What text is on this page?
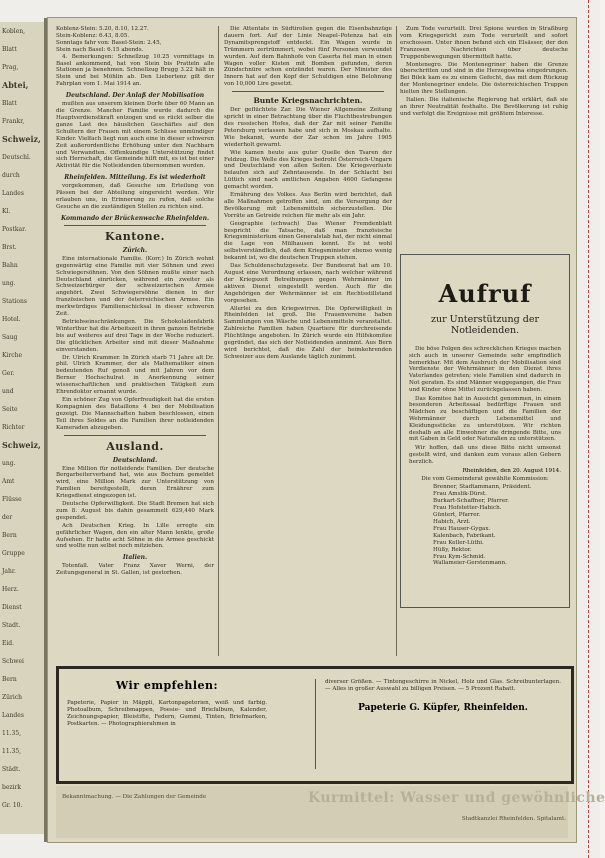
Koblen,
Blatt
Prag,
Abtei,
Blatt
Frankr,
Schweiz,
Deutschl.
durch
Landes
Kl.
Postkar.
Brst.
Bahn
ung.
Stations
Hotel.
Saug
Kirche
Ger.
und
Seite
Richter
Schweiz,
ung.
Amt
Flüsse
der
Bern
Gruppe
Jahr.
Herz.
Dienst
Stadt.
Eid.
Schwei
Bern
Zürich
Landes
11.35,
11.35,
Städt.
bezirk
Gr. 10.
Koblenz-Stein: 5.20, 8.10, 12.27.
Stein-Koblenz: 6.43, 8.05.
Sonntags fahr von: Basel-Stein: 2.45,
Stein nach Basel: 6.15 abends.

4. Bemerkungen: Schnellzug 10.25 vormittags in Basel ankommend, hat von Stein bis Pratteln alle Stationen ja benehmen. Schnellzug Brugg 3.22 hält in Stein und bei Möhlin ab. Den Liebertenz gilt der Fahrplan vom 1. Mai 1914 an.

Deutschland. Der Anlaß der Mobilisation

mußten aus unserem kleinen Dorfe über 60 Mann an die Grenze. Mancher Familie wurde dadurch die Hauptverdienstkraft entzogen und es rückt selber die ganze Last des häuslichen Geschäftes auf den Schultern der Frauen mit einem Schlisse unmündiger Kinder. Vielfach liegt nun auch eine in dieser schweren Zeit außerordentliche Erhöhung unter den Nachbarn und Verwandten. Offenkundige Unterstützung findet sich Herrschaft, die Gemeinde hilft mit, es ist bei einer Aktivität für die Notleidenden übernommen worden.

Rheinfelden. Mitteilung. Es ist wiederholt

vorgekommen, daß Gesuche um Erteilung von Pässen bei der Abteilung eingereicht werden. Wir erlauben uns, in Erinnerung zu rufen, daß solche Gesuche an die zuständigen Stellen zu richten sind.

Kommando der Brückenwache Rheinfelden.
Kantone.
Zürich.

Eine internationale Familie. (Korr.) In Zürich wohnt gegenwärtig eine Familie mit vier Söhnen und zwei Schwiegersöhnen. Von den Söhnen mußte einer nach Deutschland einrücken, während ein zweiter als Schweizerbürger der schweizerischen Armee angehört. Zwei Schwiegersöhne dienen in der französischen und der österreichischen Armee. Ein merkwürdiges Familienschicksal in dieser schweren Zeit.

Betriebseinschränkungen. Die Schokoladenfabrik Winterthur hat die Arbeitszeit in ihren ganzen Betriebe bis auf weiteres auf drei Tage in der Woche reduziert. Die glücklichen Arbeiter sind mit dieser Maßnahme einverstanden.

Dr. Ulrich Krammer. In Zürich starb 71 Jahre alt Dr. phil. Ulrich Krammer, der als Mathematiker einen bedeutenden Ruf genoß und mit Jahren vor dem Berner Hochschulrat in Anerkennung seiner wissenschaftlichen und praktischen Tätigkeit zum Ehrendoktor ernannt wurde.

Ein schöner Zug von Opferfreudigkeit hat die ersten Kompagnien des Bataillons 4 bei der Mobilisation gezeigt. Die Mannschaften haben beschlossen, einen Teil ihres Soldes an die Familien ihrer notleidenden Kameraden abzugeben.

Ausland.
Deutschland.

Eine Million für notleidende Familien. Der deutsche Bergarbeiterverband hat, wie aus Bochum gemeldet wird, eine Million Mark zur Unterstützung von Familien bereitgestellt, deren Ernährer zum Kriegsdienst eingezogen ist.

Deutsche Opferwilligkeit. Die Stadt Bremen hat sich zum 8. August bis dahin gesammelt 629,440 Mark gespendet.

Ach Deutschen Krieg. In Lille erregte ein gefährlicher Wagen, den ein alter Mann lenkte, große Aufsehen. Er hatte acht Söhne in die Armee geschickt und wollte nun selbst noch mitziehen.

Italien.

Totenfall. Vater Franz Xaver Werni, der Zeitungsgeneral in St. Gallen, ist gestorben.

Die Attentate in Südtirolien gegen die Eisenbahnzüge dauern fort. Auf der Linie Neapel–Potenza hat ein Dynamitsprengstoff entdeckt. Ein Wagen wurde in Trümmern zertrümmert, wobei fünf Personen verwundet wurden. Auf dem Bahnhofe von Caserta fiel man in einen Wagen voller Kisten mit Bomben gefunden, deren Zündschnüre schon entzündet waren. Der Minister des Innern hat auf den Kopf der Schuldigen eine Belohnung von 10,000 Lire gesetzt.

Bunte Kriegsnachrichten.

Der geflüchtete Zar. Die Wiener Allgemeine Zeitung spricht in einer Betrachtung über die Fluchtbestrebungen des russischen Hofes, daß der Zar mit seiner Familie Petersburg verlassen habe und sich in Moskau aufhalte. Wie bekannt, wurde der Zar schon im Jahre 1905 wiederholt gewarnt.

Wie kamen heute aus guter Quelle den Tsaren der Feldzug. Die Welle des Krieges bedroht Österreich-Ungarn und Deutschland von allen Seiten. Die Kriegsverluste belaufen sich auf Zehntausende. In der Schlacht bei Lüttich sind nach amtlichen Angaben 4600 Gefangene gemacht worden.

Ernährung des Volkes. Aus Berlin wird berichtet, daß alle Maßnahmen getroffen sind, um die Versorgung der Bevölkerung mit Lebensmitteln sicherzustellen. Die Vorräte an Getreide reichen für mehr als ein Jahr.

Geographie (schwach) Das Wiener Fremdenblatt bespricht die Tatsache, daß man französische Kriegsministerium einen Generalstab hat, der nicht einmal die Lage von Mülhausen kennt. Es ist wohl selbstverständlich, daß dem Kriegsminister ebenso wenig bekannt ist, wo die deutschen Truppen stehen.

Das Schuldenschutzgesetz. Der Bundesrat hat am 10. August eine Verordnung erlassen, nach welcher während der Kriegszeit Betreibungen gegen Wehrmänner im aktiven Dienst eingestellt werden. Auch für die Angehörigen der Wehrmänner ist ein Rechtsstillstand vorgesehen.

Allerlei zu den Kriegswirren. Die Opferwilligkeit in Rheinfelden ist groß. Die Frauenvereine haben Sammlungen von Wäsche und Lebensmitteln veranstaltet. Zahlreiche Familien haben Quartiere für durchreisende Flüchtlinge angeboten. In Zürich wurde ein Hilfskomitee gegründet, das sich der Notleidenden annimmt. Aus Bern wird berichtet, daß die Zahl der heimkehrenden Schweizer aus dem Auslande täglich zunimmt.

Zum Tode verurteilt. Drei Spione wurden in Straßburg vom Kriegsgericht zum Tode verurteilt und sofort erschossen. Unter ihnen befand sich ein Elsässer, der den Franzosen Nachrichten über deutsche Truppenbewegungen übermittelt hatte.

Montenegro. Die Montenegriner haben die Grenze überschritten und sind in die Herzegowina eingedrungen. Bei Bilek kam es zu einem Gefecht, das mit dem Rückzug der Montenegriner endete. Die österreichischen Truppen hielten ihre Stellungen.

Italien. Die italienische Regierung hat erklärt, daß sie an ihrer Neutralität festhalte. Die Bevölkerung ist ruhig und verfolgt die Ereignisse mit größtem Interesse.

Aufruf
zur Unterstützung der Notleidenden.

Die böse Folgen des schrecklichen Krieges machen sich auch in unserer Gemeinde sehr empfindlich bemerkbar. Mit dem Ausbruch der Mobilisation sind Verdienste der Wehrmänner in den Dienst ihres Vaterlandes getreten; viele Familien sind dadurch in Not geraten. Es sind Männer weggegangen, die Frau und Kinder ohne Mittel zurückgelassen haben.

Das Komitee hat in Aussicht genommen, in einem besonderen Arbeitssaal bedürftige Frauen und Mädchen zu beschäftigen und die Familien der Wehrmänner durch Lebensmittel und Kleidungsstücke zu unterstützen. Wir richten deshalb an alle Einwohner die dringende Bitte, uns mit Gaben in Geld oder Naturalien zu unterstützen.

Wir hoffen, daß uns diese Bitte nicht umsonst gestellt wird, und danken zum voraus allen Gebern herzlich.

Rheinfelden, den 20. August 1914.
Die vom Gemeinderat gewählte Kommission:
Brenner, Stadtammann, Präsident.
Frau Amslik-Dürst.
Burkart-Schaffner, Pfarrer.
Frau Hofstetter-Habich.
Güntert, Pfarrer.
Habich, Arzt.
Frau Hauser-Gygax.
Kalenbach, Fabrikant.
Frau Keller-Lüthi.
Hüßy, Rektor.
Frau Kym-Schmid.
Wallameier-Gerstenmann.
Wir empfehlen:
Papeterie, Papier in Mäppli, Kartonpapeterien, weiß und farbig. Photoalbum, Schreibmappen, Poesie- und Briefalbum, Kalender, Zeichnungspapier, Bleistifte, Federn, Gummi, Tinten, Briefmarken, Postkarten. — Photographierahmen in
diverser Größen. — Tintengeschirre in Nickel, Holz und Glas. Schreibunterlagen. — Alles in großer Auswahl zu billigen Preisen. — 5 Prozent Rabatt.
Papeterie G. Küpfer, Rheinfelden.
Kurmittel: Wasser und gewöhnliche
Bekanntmachung. — Die Zahlungen der Gemeinde
Stadtkanzlei Rheinfelden. Spitalamt.
